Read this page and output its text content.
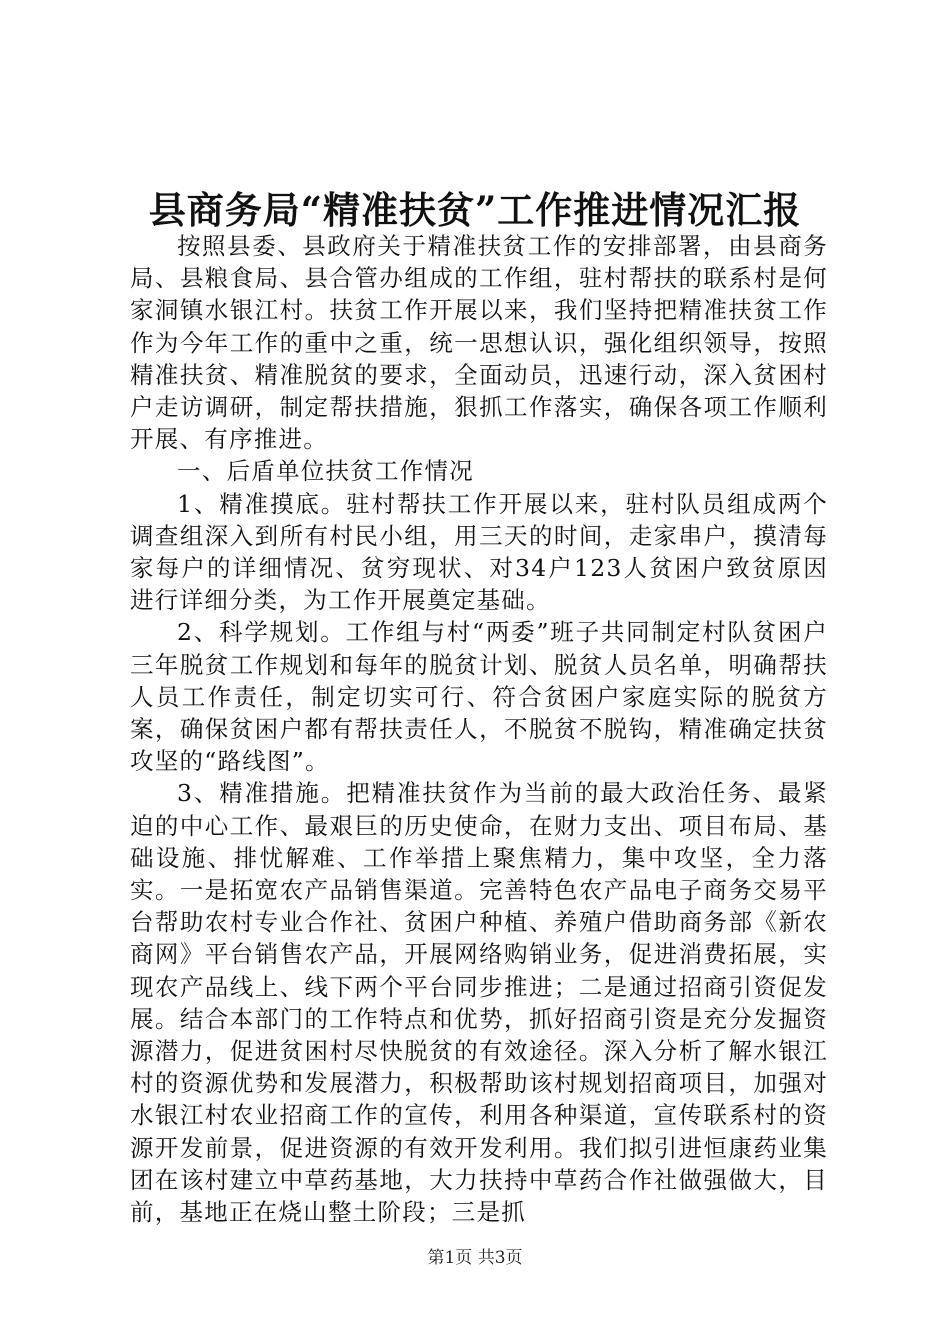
县商务局“精准扶贫”工作推进情况汇报

按照县委、县政府关于精准扶贫工作的安排部署，由县商务局、县粮食局、县合管办组成的工作组，驻村帮扶的联系村是何家洞镇水银江村。扶贫工作开展以来，我们坚持把精准扶贫工作作为今年工作的重中之重，统一思想认识，强化组织领导，按照精准扶贫、精准脱贫的要求，全面动员，迅速行动，深入贫困村户走访调研，制定帮扶措施，狠抓工作落实，确保各项工作顺利开展、有序推进。

一、后盾单位扶贫工作情况

1、精准摸底。驻村帮扶工作开展以来，驻村队员组成两个调查组深入到所有村民小组，用三天的时间，走家串户，摸清每家每户的详细情况、贫穷现状、对34户123人贫困户致贫原因进行详细分类，为工作开展奠定基础。

2、科学规划。工作组与村“两委”班子共同制定村队贫困户三年脱贫工作规划和每年的脱贫计划、脱贫人员名单，明确帮扶人员工作责任，制定切实可行、符合贫困户家庭实际的脱贫方案，确保贫困户都有帮扶责任人，不脱贫不脱钩，精准确定扶贫攻坚的“路线图”。

3、精准措施。把精准扶贫作为当前的最大政治任务、最紧迫的中心工作、最艰巨的历史使命，在财力支出、项目布局、基础设施、排忧解难、工作举措上聚焦精力，集中攻坚，全力落实。一是拓宽农产品销售渠道。完善特色农产品电子商务交易平台帮助农村专业合作社、贫困户种植、养殖户借助商务部《新农商网》平台销售农产品，开展网络购销业务，促进消费拓展，实现农产品线上、线下两个平台同步推进；二是通过招商引资促发展。结合本部门的工作特点和优势，抓好招商引资是充分发掘资源潜力，促进贫困村尽快脱贫的有效途径。深入分析了解水银江村的资源优势和发展潜力，积极帮助该村规划招商项目，加强对水银江村农业招商工作的宣传，利用各种渠道，宣传联系村的资源开发前景，促进资源的有效开发利用。我们拟引进恒康药业集团在该村建立中草药基地，大力扶持中草药合作社做强做大，目前，基地正在烧山整土阶段；三是抓

第1页 共3页
